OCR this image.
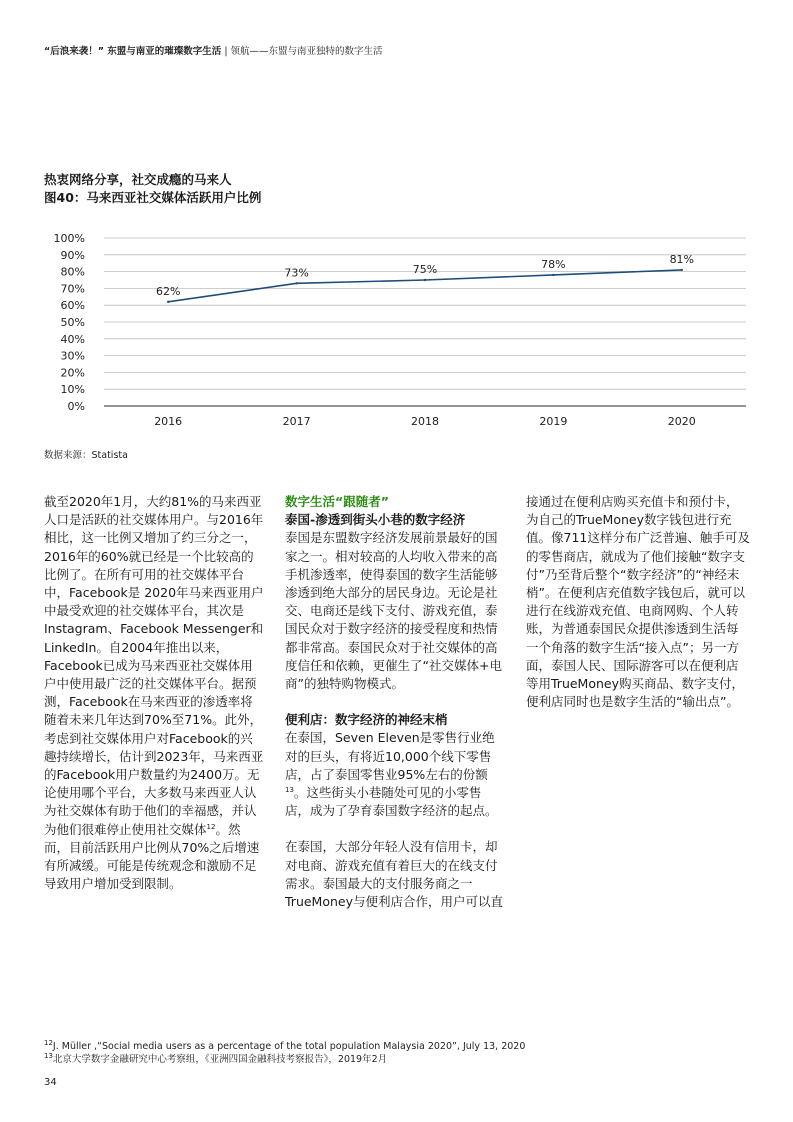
“后浪来袭！” 东盟与南亚的璀璨数字生活 | 领航——东盟与南亚独特的数字生活
热衷网络分享，社交成瘾的马来人
图40：马来西亚社交媒体活跃用户比例
0%
10%
20%
30%
40%
50%
60%
70%
80%
90%
100%
2016	2017	2018	2019	2020
62%
73%	75%	78%	81%
数据来源：Statista

截至2020年1月，大约81%的马来西亚人口是活跃的社交媒体用户。与2016年相比，这一比例又增加了约三分之一，2016年的60%就已经是一个比较高的比例了。在所有可用的社交媒体平台中，Facebook是 2020年马来西亚用户中最受欢迎的社交媒体平台，其次是Instagram、Facebook Messenger和LinkedIn。自2004年推出以来，Facebook已成为马来西亚社交媒体用户中使用最广泛的社交媒体平台。据预测，Facebook在马来西亚的渗透率将随着未来几年达到70%至71%。此外，考虑到社交媒体用户对Facebook的兴趣持续增长，估计到2023年，马来西亚的Facebook用户数量约为2400万。无论使用哪个平台，大多数马来西亚人认为社交媒体有助于他们的幸福感，并认为他们很难停止使用社交媒体$^{12}$。然而，目前活跃用户比例从70%之后增速有所减缓。可能是传统观念和激励不足导致用户增加受到限制。

数字生活“跟随者”

泰国-渗透到街头小巷的数字经济

泰国是东盟数字经济发展前景最好的国家之一。相对较高的人均收入带来的高手机渗透率，使得泰国的数字生活能够渗透到绝大部分的居民身边。无论是社交、电商还是线下支付、游戏充值，泰国民众对于数字经济的接受程度和热情都非常高。泰国民众对于社交媒体的高度信任和依赖，更催生了“社交媒体+电商”的独特购物模式。

便利店：数字经济的神经末梢

在泰国，Seven Eleven是零售行业绝对的巨头，有将近10,000个线下零售店，占了泰国零售业95%左右的份额$^{13}$。这些街头小巷随处可见的小零售店，成为了孕育泰国数字经济的起点。

在泰国，大部分年轻人没有信用卡，却对电商、游戏充值有着巨大的在线支付需求。泰国最大的支付服务商之一TrueMoney与便利店合作，用户可以直

接通过在便利店购买充值卡和预付卡，为自己的TrueMoney数字钱包进行充值。像711这样分布广泛普遍、触手可及的零售商店，就成为了他们接触“数字支付”乃至背后整个“数字经济”的“神经末梢”。在便利店充值数字钱包后，就可以进行在线游戏充值、电商网购、个人转账，为普通泰国民众提供渗透到生活每一个角落的数字生活“接入点”；另一方面，泰国人民、国际游客可以在便利店等用TrueMoney购买商品、数字支付，便利店同时也是数字生活的“输出点”。

$^{12}$J. Müller ,“Social media users as a percentage of the total population Malaysia 2020”, July 13, 2020
$^{13}$北京大学数字金融研究中心考察组，《亚洲四国金融科技考察报告》，2019年2月
34
